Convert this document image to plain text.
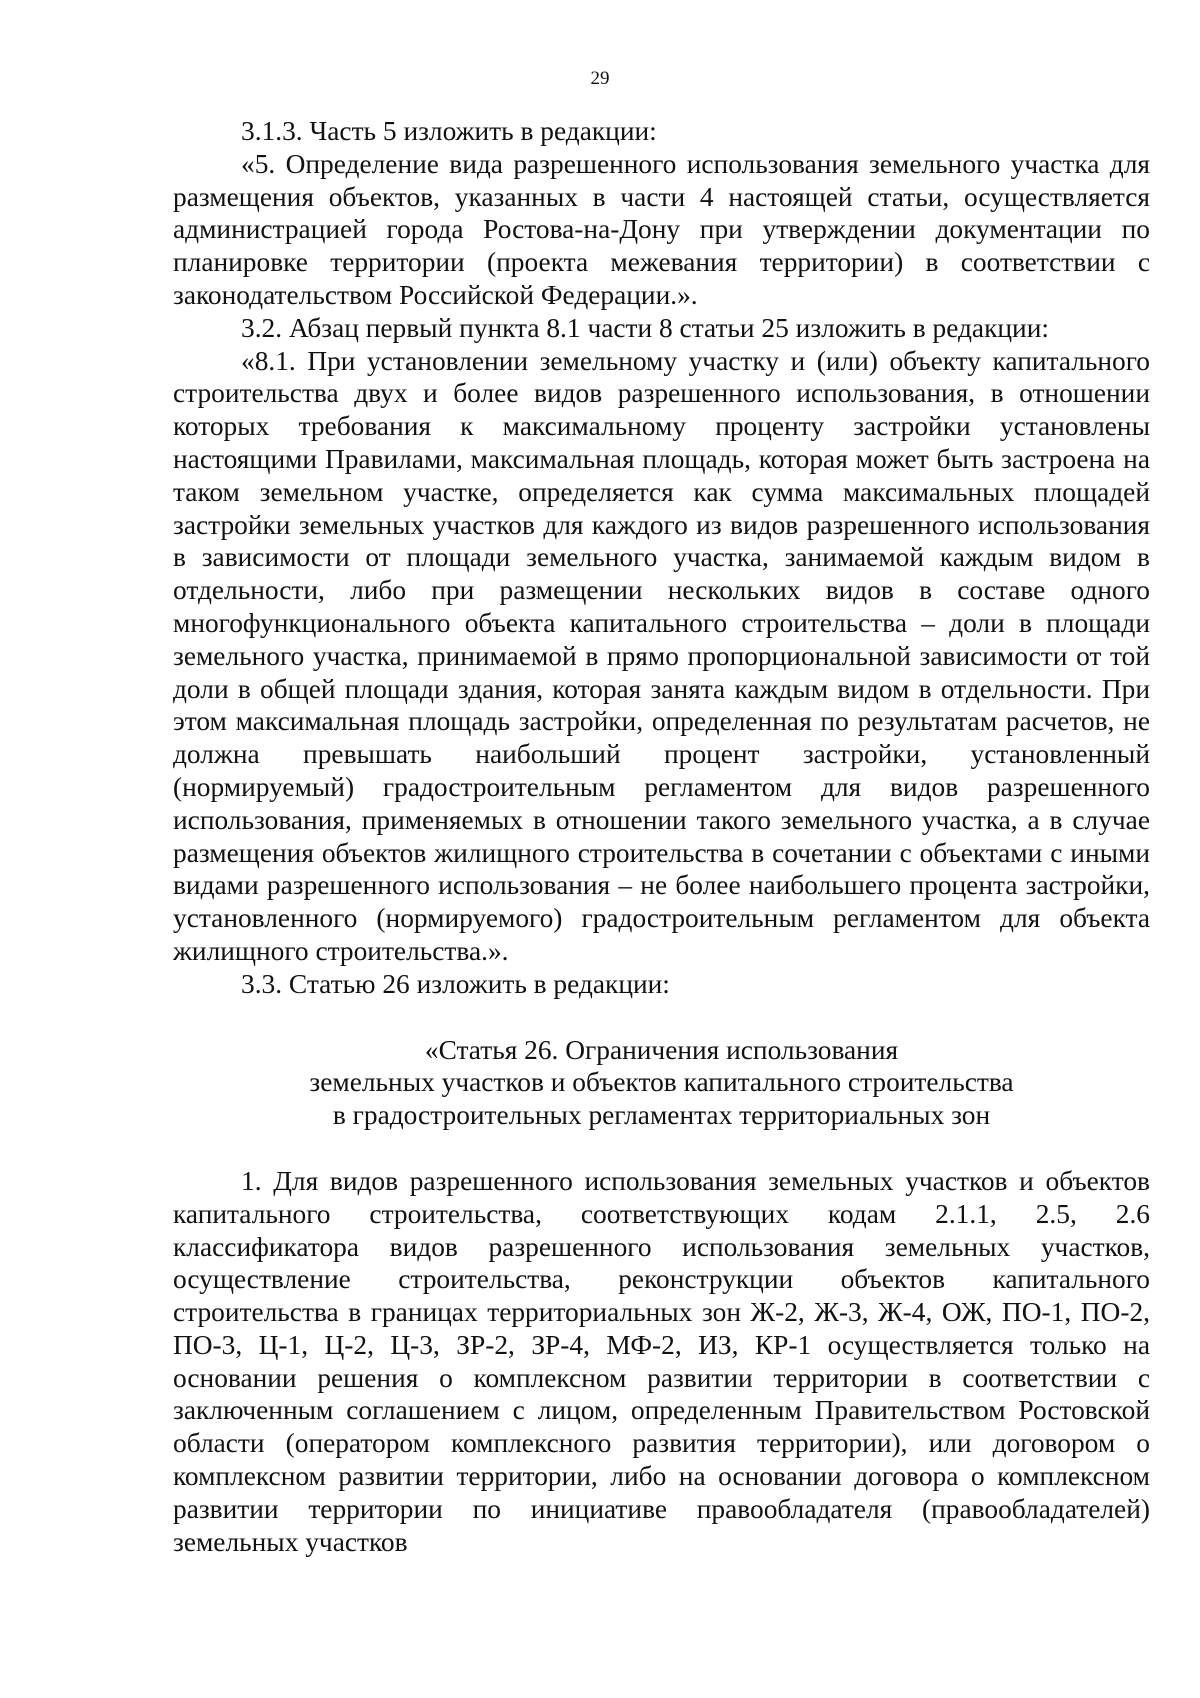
29

3.1.3. Часть 5 изложить в редакции:

«5. Определение вида разрешенного использования земельного участка для размещения объектов, указанных в части 4 настоящей статьи, осуществляется администрацией города Ростова-на-Дону при утверждении документации по планировке территории (проекта межевания территории) в соответствии с законодательством Российской Федерации.».

3.2. Абзац первый пункта 8.1 части 8 статьи 25 изложить в редакции:

«8.1. При установлении земельному участку и (или) объекту капитального строительства двух и более видов разрешенного использования, в отношении которых требования к максимальному проценту застройки установлены настоящими Правилами, максимальная площадь, которая может быть застроена на таком земельном участке, определяется как сумма максимальных площадей застройки земельных участков для каждого из видов разрешенного использования в зависимости от площади земельного участка, занимаемой каждым видом в отдельности, либо при размещении нескольких видов в составе одного многофункционального объекта капитального строительства – доли в площади земельного участка, принимаемой в прямо пропорциональной зависимости от той доли в общей площади здания, которая занята каждым видом в отдельности. При этом максимальная площадь застройки, определенная по результатам расчетов, не должна превышать наибольший процент застройки, установленный (нормируемый) градостроительным регламентом для видов разрешенного использования, применяемых в отношении такого земельного участка, а в случае размещения объектов жилищного строительства в сочетании с объектами с иными видами разрешенного использования – не более наибольшего процента застройки, установленного (нормируемого) градостроительным регламентом для объекта жилищного строительства.».

3.3. Статью 26 изложить в редакции:

«Статья 26. Ограничения использования
земельных участков и объектов капитального строительства
в градостроительных регламентах территориальных зон

1. Для видов разрешенного использования земельных участков и объектов капитального строительства, соответствующих кодам 2.1.1, 2.5, 2.6 классификатора видов разрешенного использования земельных участков, осуществление строительства, реконструкции объектов капитального строительства в границах территориальных зон Ж-2, Ж-3, Ж-4, ОЖ, ПО-1, ПО-2, ПО-3, Ц-1, Ц-2, Ц-3, ЗР-2, ЗР-4, МФ-2, ИЗ, КР-1 осуществляется только на основании решения о комплексном развитии территории в соответствии с заключенным соглашением с лицом, определенным Правительством Ростовской области (оператором комплексного развития территории), или договором о комплексном развитии территории, либо на основании договора о комплексном развитии территории по инициативе правообладателя (правообладателей) земельных участков
